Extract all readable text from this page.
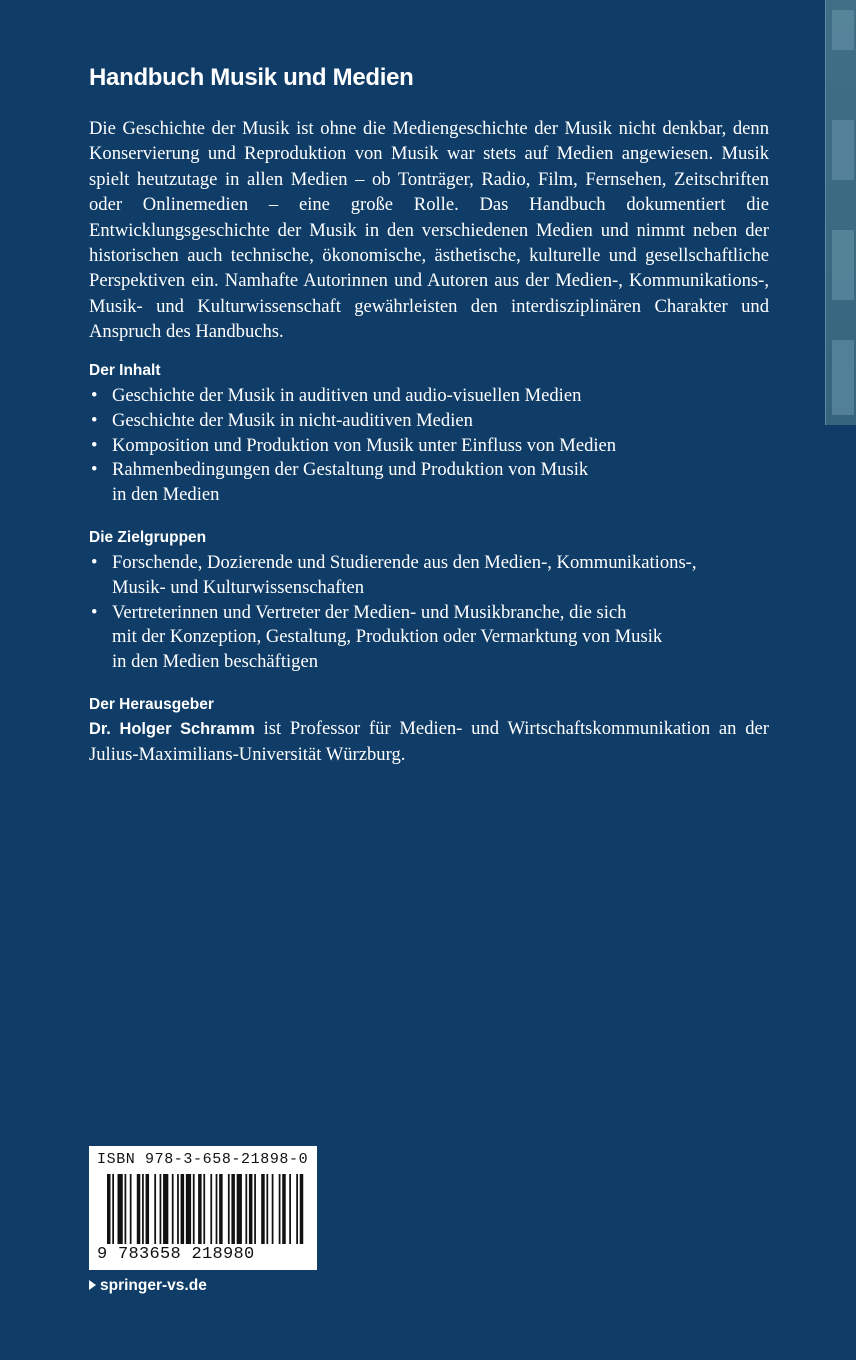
Handbuch Musik und Medien

Die Geschichte der Musik ist ohne die Mediengeschichte der Musik nicht denkbar, denn Konservierung und Reproduktion von Musik war stets auf Medien angewiesen. Musik spielt heutzutage in allen Medien – ob Tonträger, Radio, Film, Fernsehen, Zeitschriften oder Onlinemedien – eine große Rolle. Das Handbuch dokumentiert die Entwicklungsgeschichte der Musik in den verschiedenen Medien und nimmt neben der historischen auch technische, ökonomische, ästhetische, kulturelle und gesellschaftliche Perspektiven ein. Namhafte Autorinnen und Autoren aus der Medien-, Kommunikations-, Musik- und Kulturwissenschaft gewährleisten den interdisziplinären Charakter und Anspruch des Handbuchs.

Der Inhalt
• Geschichte der Musik in auditiven und audio-visuellen Medien
• Geschichte der Musik in nicht-auditiven Medien
• Komposition und Produktion von Musik unter Einfluss von Medien
• Rahmenbedingungen der Gestaltung und Produktion von Musik
in den Medien
Die Zielgruppen
• Forschende, Dozierende und Studierende aus den Medien-, Kommunikations-,
Musik- und Kulturwissenschaften
• Vertreterinnen und Vertreter der Medien- und Musikbranche, die sich
mit der Konzeption, Gestaltung, Produktion oder Vermarktung von Musik
in den Medien beschäftigen
Der Herausgeber

Dr. Holger Schramm ist Professor für Medien- und Wirtschaftskommunikation an der Julius-Maximilians-Universität Würzburg.

ISBN 978-3-658-21898-0
9 783658 218980
springer-vs.de
